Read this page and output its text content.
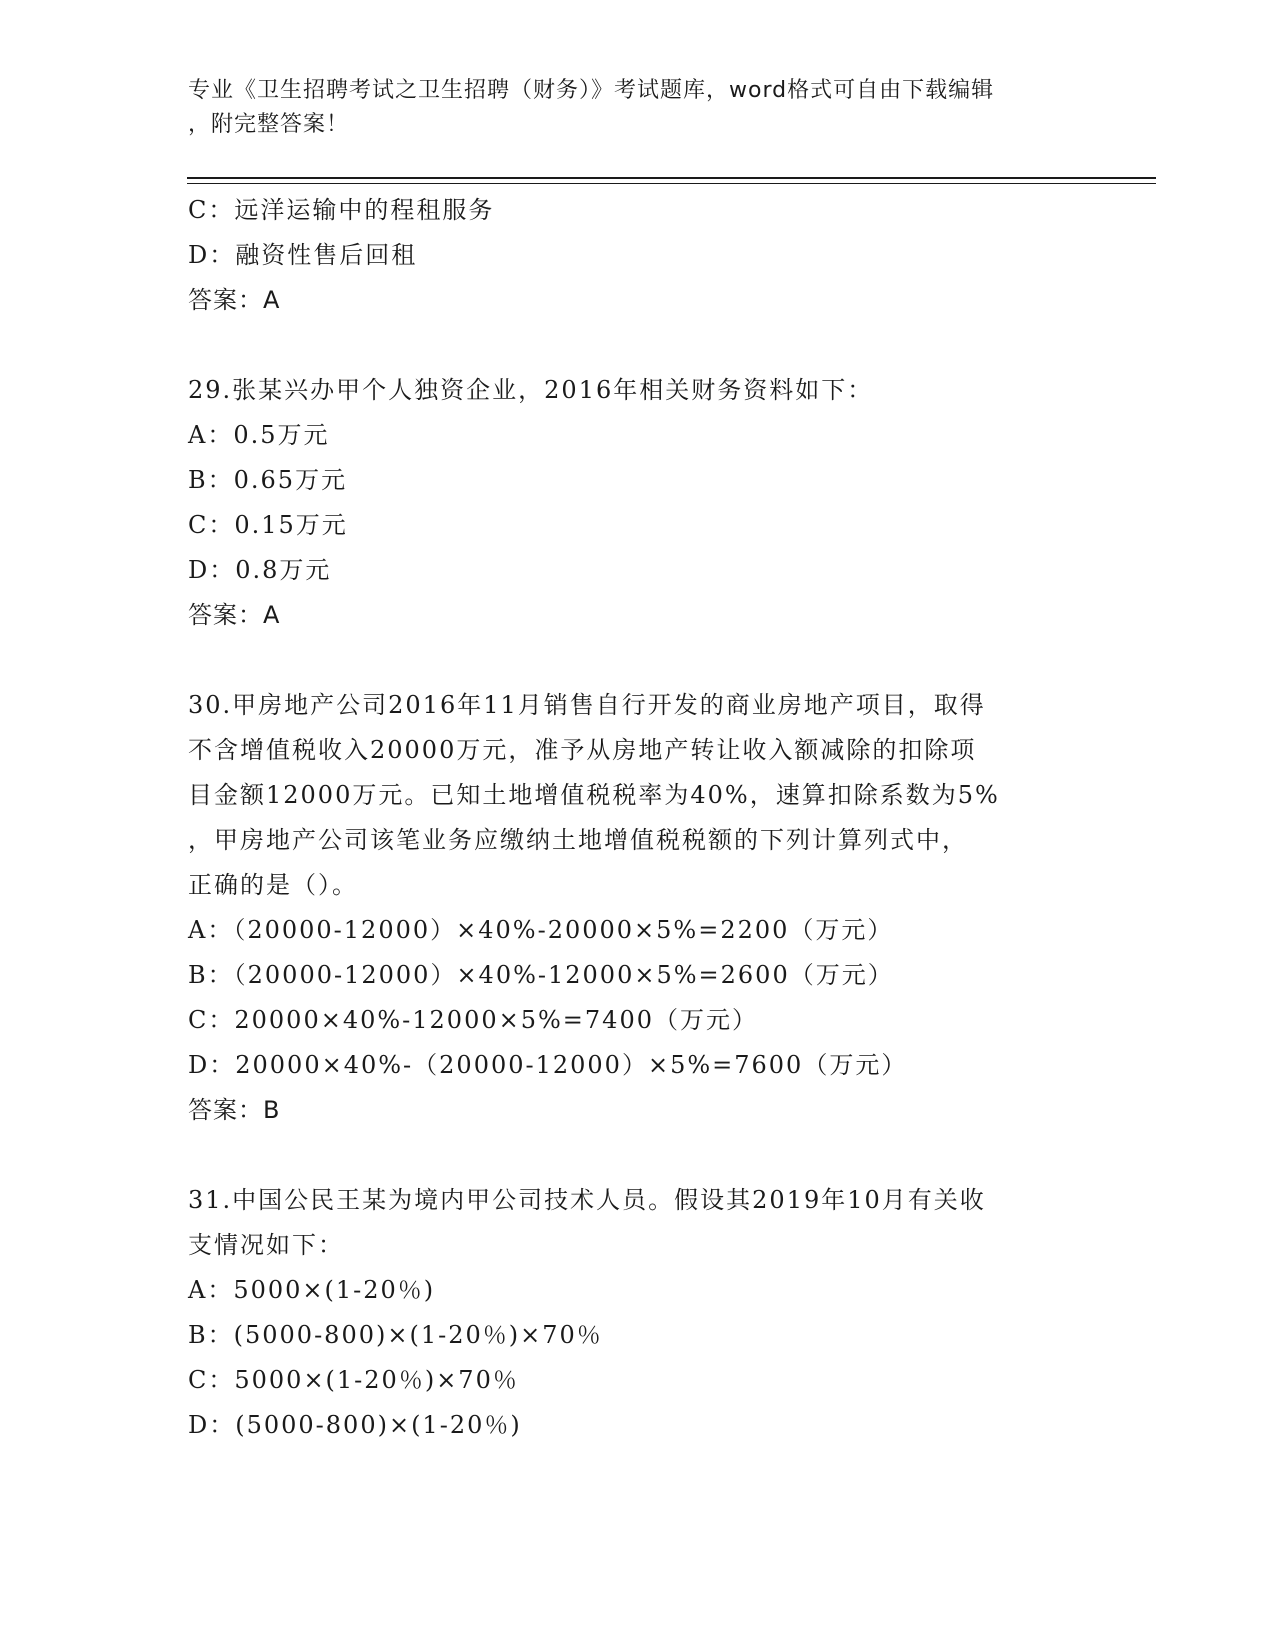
专业《卫生招聘考试之卫生招聘（财务）》考试题库，word格式可自由下载编辑
，附完整答案！
C：远洋运输中的程租服务
D：融资性售后回租
答案：A
29.张某兴办甲个人独资企业，2016年相关财务资料如下：
A：0.5万元
B：0.65万元
C：0.15万元
D：0.8万元
答案：A
30.甲房地产公司2016年11月销售自行开发的商业房地产项目，取得
不含增值税收入20000万元，准予从房地产转让收入额减除的扣除项
目金额12000万元。已知土地增值税税率为40%，速算扣除系数为5%
，甲房地产公司该笔业务应缴纳土地增值税税额的下列计算列式中，
正确的是（）。
A：（20000-12000）×40%-20000×5%=2200（万元）
B：（20000-12000）×40%-12000×5%=2600（万元）
C：20000×40%-12000×5%=7400（万元）
D：20000×40%-（20000-12000）×5%=7600（万元）
答案：B
31.中国公民王某为境内甲公司技术人员。假设其2019年10月有关收
支情况如下：
A：5000×(1-20％)
B：(5000-800)×(1-20％)×70％
C：5000×(1-20％)×70％
D：(5000-800)×(1-20％)
